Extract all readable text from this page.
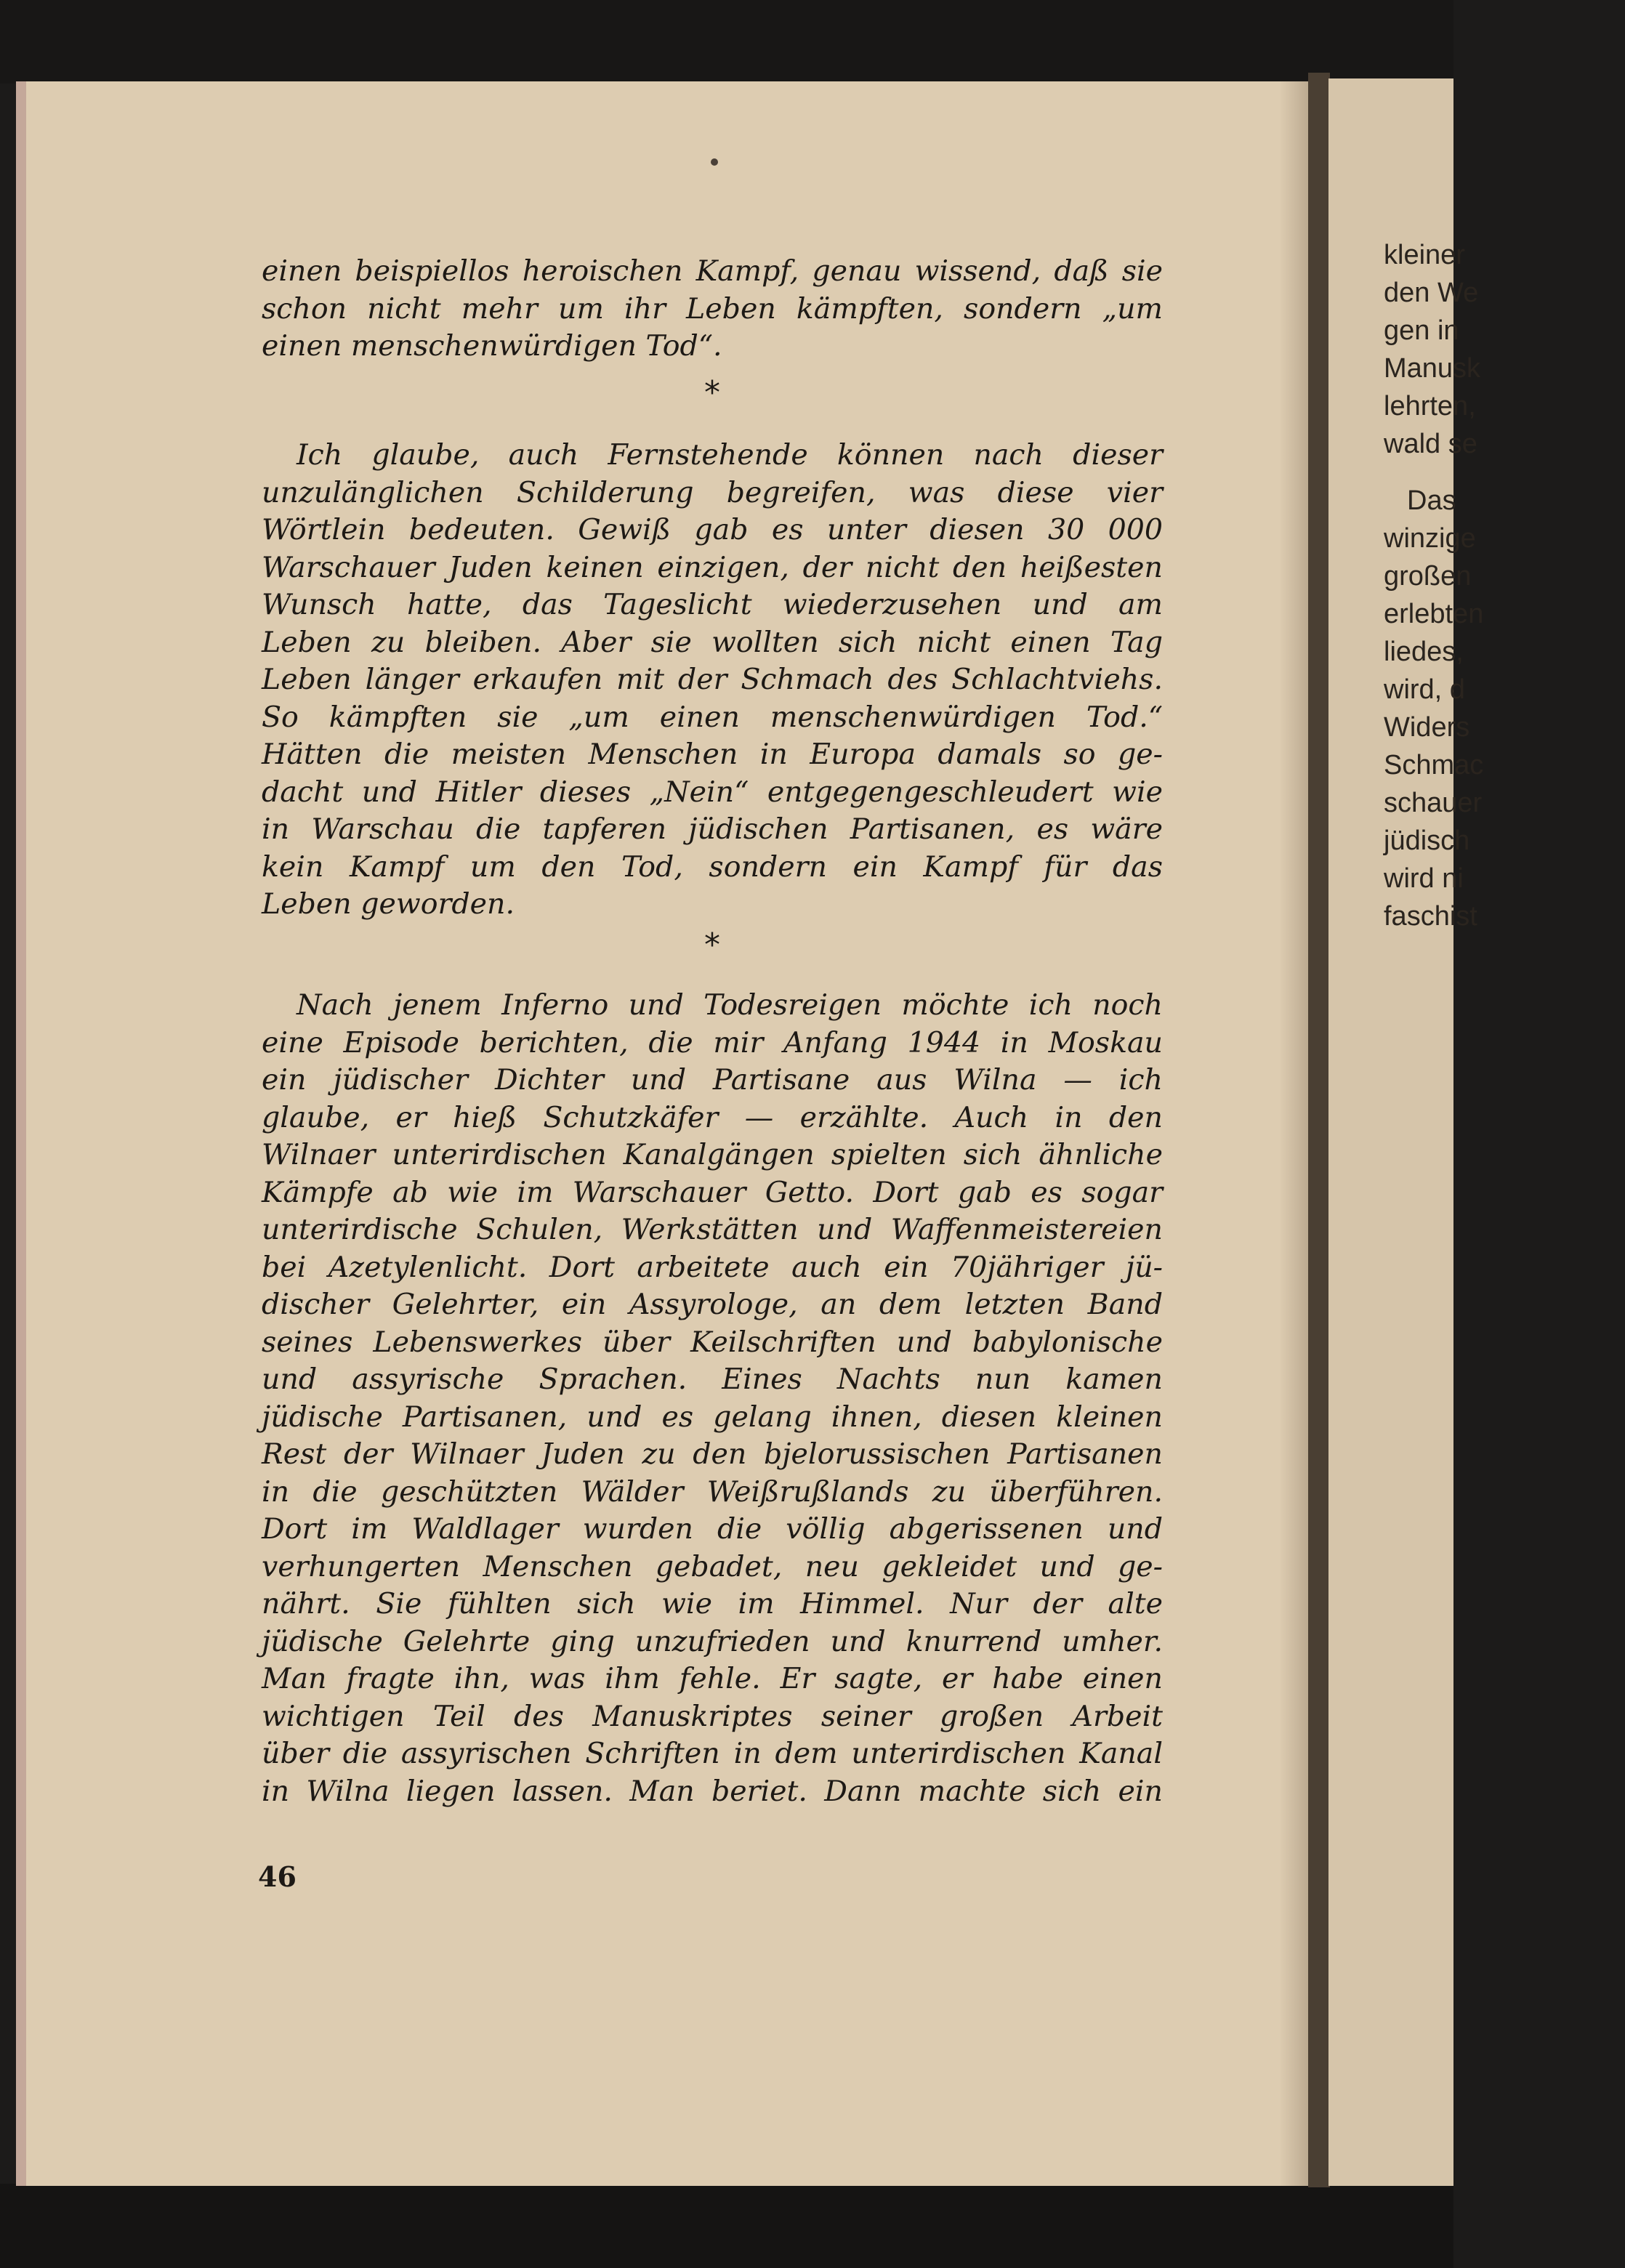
kleiner
den We
gen in
Manusk
lehrten,
wald se
Das
winzige
großen
erlebten
liedes,
wird, d
Widers
Schmac
schauer
jüdisch
wird ni
faschist
einen beispiellos heroischen Kampf, genau wissend, daß sie
schon nicht mehr um ihr Leben kämpften, sondern „um
einen menschenwürdigen Tod“.
*
Ich glaube, auch Fernstehende können nach dieser
unzulänglichen Schilderung begreifen, was diese vier
Wörtlein bedeuten. Gewiß gab es unter diesen 30 000
Warschauer Juden keinen einzigen, der nicht den heißesten
Wunsch hatte, das Tageslicht wiederzusehen und am
Leben zu bleiben. Aber sie wollten sich nicht einen Tag
Leben länger erkaufen mit der Schmach des Schlachtviehs.
So kämpften sie „um einen menschenwürdigen Tod.“
Hätten die meisten Menschen in Europa damals so ge-
dacht und Hitler dieses „Nein“ entgegengeschleudert wie
in Warschau die tapferen jüdischen Partisanen, es wäre
kein Kampf um den Tod, sondern ein Kampf für das
Leben geworden.
*
Nach jenem Inferno und Todesreigen möchte ich noch
eine Episode berichten, die mir Anfang 1944 in Moskau
ein jüdischer Dichter und Partisane aus Wilna — ich
glaube, er hieß Schutzkäfer — erzählte. Auch in den
Wilnaer unterirdischen Kanalgängen spielten sich ähnliche
Kämpfe ab wie im Warschauer Getto. Dort gab es sogar
unterirdische Schulen, Werkstätten und Waffenmeistereien
bei Azetylenlicht. Dort arbeitete auch ein 70jähriger jü-
discher Gelehrter, ein Assyrologe, an dem letzten Band
seines Lebenswerkes über Keilschriften und babylonische
und assyrische Sprachen. Eines Nachts nun kamen
jüdische Partisanen, und es gelang ihnen, diesen kleinen
Rest der Wilnaer Juden zu den bjelorussischen Partisanen
in die geschützten Wälder Weißrußlands zu überführen.
Dort im Waldlager wurden die völlig abgerissenen und
verhungerten Menschen gebadet, neu gekleidet und ge-
nährt. Sie fühlten sich wie im Himmel. Nur der alte
jüdische Gelehrte ging unzufrieden und knurrend umher.
Man fragte ihn, was ihm fehle. Er sagte, er habe einen
wichtigen Teil des Manuskriptes seiner großen Arbeit
über die assyrischen Schriften in dem unterirdischen Kanal
in Wilna liegen lassen. Man beriet. Dann machte sich ein
46
